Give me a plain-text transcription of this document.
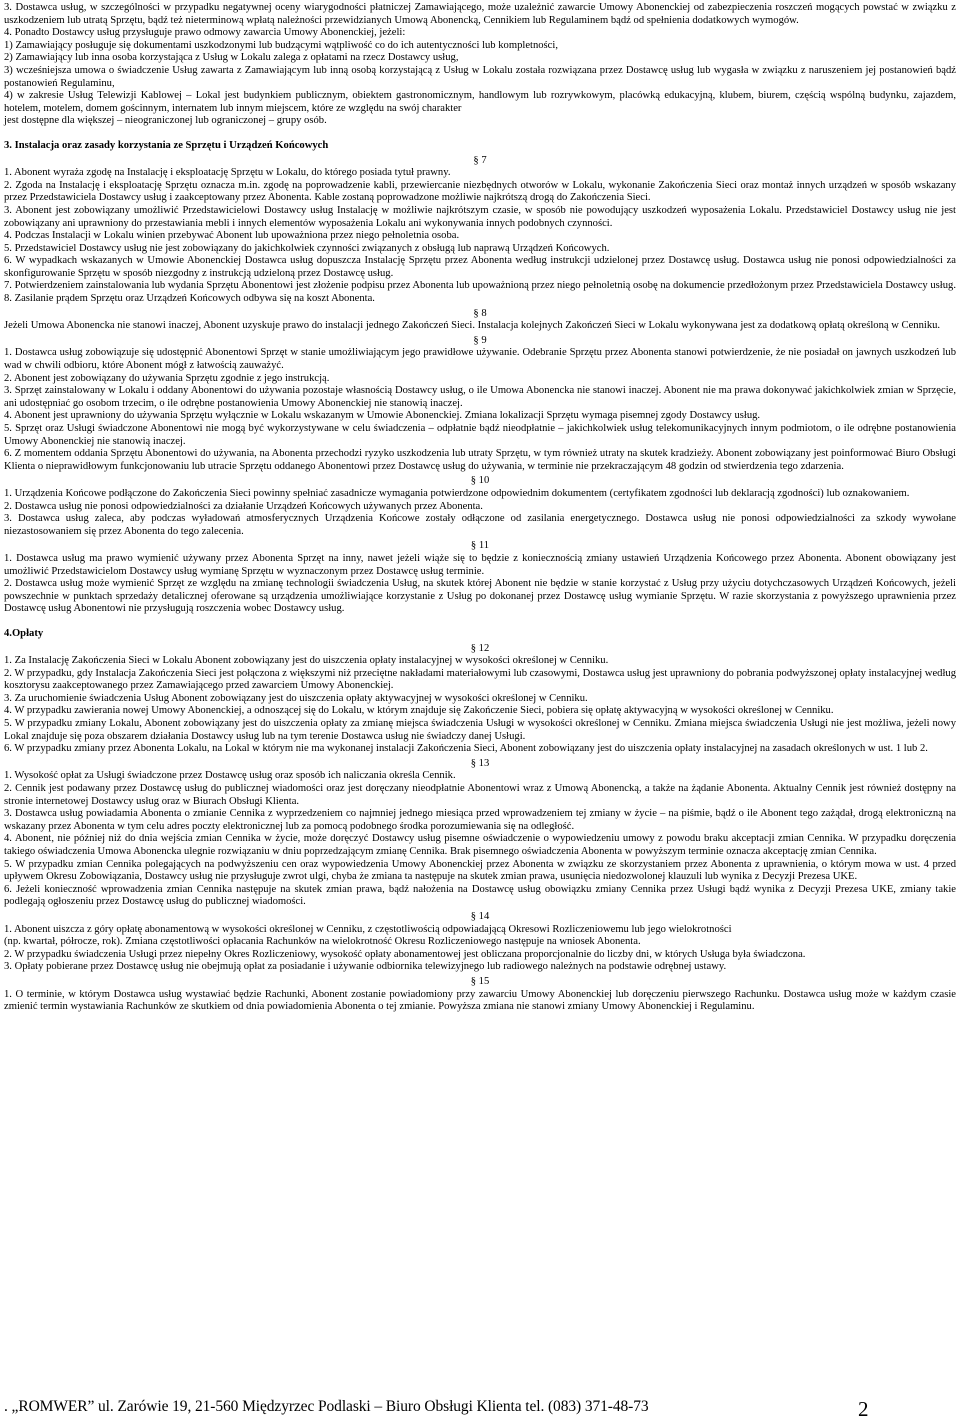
3. Dostawca usług, w szczególności w przypadku negatywnej oceny wiarygodności płatniczej Zamawiającego, może uzależnić zawarcie Umowy Abonenckiej od zabezpieczenia roszczeń mogących powstać w związku z uszkodzeniem lub utratą Sprzętu, bądź też nieterminową wpłatą należności przewidzianych Umową Abonencką, Cennikiem lub Regulaminem bądź od spełnienia dodatkowych wymogów.

4. Ponadto Dostawcy usług przysługuje prawo odmowy zawarcia Umowy Abonenckiej, jeżeli:

1) Zamawiający posługuje się dokumentami uszkodzonymi lub budzącymi wątpliwość co do ich autentyczności lub kompletności,

2) Zamawiający lub inna osoba korzystająca z Usług w Lokalu zalega z opłatami na rzecz Dostawcy usług,

3) wcześniejsza umowa o świadczenie Usług zawarta z Zamawiającym lub inną osobą korzystającą z Usług w Lokalu została rozwiązana przez Dostawcę usług lub wygasła w związku z naruszeniem jej postanowień bądź postanowień Regulaminu,

4) w zakresie Usług Telewizji Kablowej – Lokal jest budynkiem publicznym, obiektem gastronomicznym, handlowym lub rozrywkowym, placówką edukacyjną, klubem, biurem, częścią wspólną budynku, zajazdem, hotelem, motelem, domem gościnnym, internatem lub innym miejscem, które ze względu na swój charakter

jest dostępne dla większej – nieograniczonej lub ograniczonej – grupy osób.

3. Instalacja oraz zasady korzystania ze Sprzętu i Urządzeń Końcowych

§ 7

1. Abonent wyraża zgodę na Instalację i eksploatację Sprzętu w Lokalu, do którego posiada tytuł prawny.

2. Zgoda na Instalację i eksploatację Sprzętu oznacza m.in. zgodę na poprowadzenie kabli, przewiercanie niezbędnych otworów w Lokalu, wykonanie Zakończenia Sieci oraz montaż innych urządzeń w sposób wskazany przez Przedstawiciela Dostawcy usług i zaakceptowany przez Abonenta. Kable zostaną poprowadzone możliwie najkrótszą drogą do Zakończenia Sieci.

3. Abonent jest zobowiązany umożliwić Przedstawicielowi Dostawcy usług Instalację w możliwie najkrótszym czasie, w sposób nie powodujący uszkodzeń wyposażenia Lokalu. Przedstawiciel Dostawcy usług nie jest zobowiązany ani uprawniony do przestawiania mebli i innych elementów wyposażenia Lokalu ani wykonywania innych podobnych czynności.

4. Podczas Instalacji w Lokalu winien przebywać Abonent lub upoważniona przez niego pełnoletnia osoba.

5. Przedstawiciel Dostawcy usług nie jest zobowiązany do jakichkolwiek czynności związanych z obsługą lub naprawą Urządzeń Końcowych.

6. W wypadkach wskazanych w Umowie Abonenckiej Dostawca usług dopuszcza Instalację Sprzętu przez Abonenta według instrukcji udzielonej przez Dostawcę usług. Dostawca usług nie ponosi odpowiedzialności za skonfigurowanie Sprzętu w sposób niezgodny z instrukcją udzieloną przez Dostawcę usług.

7. Potwierdzeniem zainstalowania lub wydania Sprzętu Abonentowi jest złożenie podpisu przez Abonenta lub upoważnioną przez niego pełnoletnią osobę na dokumencie przedłożonym przez Przedstawiciela Dostawcy usług.

8. Zasilanie prądem Sprzętu oraz Urządzeń Końcowych odbywa się na koszt Abonenta.

§ 8

Jeżeli Umowa Abonencka nie stanowi inaczej, Abonent uzyskuje prawo do instalacji jednego Zakończeń Sieci. Instalacja kolejnych Zakończeń Sieci w Lokalu wykonywana jest za dodatkową opłatą określoną w Cenniku.

§ 9

1. Dostawca usług zobowiązuje się udostępnić Abonentowi Sprzęt w stanie umożliwiającym jego prawidłowe używanie. Odebranie Sprzętu przez Abonenta stanowi potwierdzenie, że nie posiadał on jawnych uszkodzeń lub wad w chwili odbioru, które Abonent mógł z łatwością zauważyć.

2. Abonent jest zobowiązany do używania Sprzętu zgodnie z jego instrukcją.

3. Sprzęt zainstalowany w Lokalu i oddany Abonentowi do używania pozostaje własnością Dostawcy usług, o ile Umowa Abonencka nie stanowi inaczej. Abonent nie ma prawa dokonywać jakichkolwiek zmian w Sprzęcie, ani udostępniać go osobom trzecim, o ile odrębne postanowienia Umowy Abonenckiej nie stanowią inaczej.

4. Abonent jest uprawniony do używania Sprzętu wyłącznie w Lokalu wskazanym w Umowie Abonenckiej. Zmiana lokalizacji Sprzętu wymaga pisemnej zgody Dostawcy usług.

5. Sprzęt oraz Usługi świadczone Abonentowi nie mogą być wykorzystywane w celu świadczenia – odpłatnie bądź nieodpłatnie – jakichkolwiek usług telekomunikacyjnych innym podmiotom, o ile odrębne postanowienia Umowy Abonenckiej nie stanowią inaczej.

6. Z momentem oddania Sprzętu Abonentowi do używania, na Abonenta przechodzi ryzyko uszkodzenia lub utraty Sprzętu, w tym również utraty na skutek kradzieży. Abonent zobowiązany jest poinformować Biuro Obsługi Klienta o nieprawidłowym funkcjonowaniu lub utracie Sprzętu oddanego Abonentowi przez Dostawcę usług do używania, w terminie nie przekraczającym 48 godzin od stwierdzenia tego zdarzenia.

§ 10

1. Urządzenia Końcowe podłączone do Zakończenia Sieci powinny spełniać zasadnicze wymagania potwierdzone odpowiednim dokumentem (certyfikatem zgodności lub deklaracją zgodności) lub oznakowaniem.

2. Dostawca usług nie ponosi odpowiedzialności za działanie Urządzeń Końcowych używanych przez Abonenta.

3. Dostawca usług zaleca, aby podczas wyładowań atmosferycznych Urządzenia Końcowe zostały odłączone od zasilania energetycznego. Dostawca usług nie ponosi odpowiedzialności za szkody wywołane niezastosowaniem się przez Abonenta do tego zalecenia.

§ 11

1. Dostawca usług ma prawo wymienić używany przez Abonenta Sprzęt na inny, nawet jeżeli wiąże się to będzie z koniecznością zmiany ustawień Urządzenia Końcowego przez Abonenta. Abonent obowiązany jest umożliwić Przedstawicielom Dostawcy usług wymianę Sprzętu w wyznaczonym przez Dostawcę usług terminie.

2. Dostawca usług może wymienić Sprzęt ze względu na zmianę technologii świadczenia Usług, na skutek której Abonent nie będzie w stanie korzystać z Usług przy użyciu dotychczasowych Urządzeń Końcowych, jeżeli powszechnie w punktach sprzedaży detalicznej oferowane są urządzenia umożliwiające korzystanie z Usług po dokonanej przez Dostawcę usług wymianie Sprzętu. W razie skorzystania z powyższego uprawnienia przez Dostawcę usług Abonentowi nie przysługują roszczenia wobec Dostawcy usług.

4.Opłaty

§ 12

1. Za Instalację Zakończenia Sieci w Lokalu Abonent zobowiązany jest do uiszczenia opłaty instalacyjnej w wysokości określonej w Cenniku.

2. W przypadku, gdy Instalacja Zakończenia Sieci jest połączona z większymi niż przeciętne nakładami materiałowymi lub czasowymi, Dostawca usług jest uprawniony do pobrania podwyższonej opłaty instalacyjnej według kosztorysu zaakceptowanego przez Zamawiającego przed zawarciem Umowy Abonenckiej.

3. Za uruchomienie świadczenia Usług Abonent zobowiązany jest do uiszczenia opłaty aktywacyjnej w wysokości określonej w Cenniku.

4. W przypadku zawierania nowej Umowy Abonenckiej, a odnoszącej się do Lokalu, w którym znajduje się Zakończenie Sieci, pobiera się opłatę aktywacyjną w wysokości określonej w Cenniku.

5. W przypadku zmiany Lokalu, Abonent zobowiązany jest do uiszczenia opłaty za zmianę miejsca świadczenia Usługi w wysokości określonej w Cenniku. Zmiana miejsca świadczenia Usługi nie jest możliwa, jeżeli nowy Lokal znajduje się poza obszarem działania Dostawcy usług lub na tym terenie Dostawca usług nie świadczy danej Usługi.

6. W przypadku zmiany przez Abonenta Lokalu, na Lokal w którym nie ma wykonanej instalacji Zakończenia Sieci, Abonent zobowiązany jest do uiszczenia opłaty instalacyjnej na zasadach określonych w ust. 1 lub 2.

§ 13

1. Wysokość opłat za Usługi świadczone przez Dostawcę usług oraz sposób ich naliczania określa Cennik.

2. Cennik jest podawany przez Dostawcę usług do publicznej wiadomości oraz jest doręczany nieodpłatnie Abonentowi wraz z Umową Abonencką, a także na żądanie Abonenta. Aktualny Cennik jest również dostępny na stronie internetowej Dostawcy usług oraz w Biurach Obsługi Klienta.

3. Dostawca usług powiadamia Abonenta o zmianie Cennika z wyprzedzeniem co najmniej jednego miesiąca przed wprowadzeniem tej zmiany w życie – na piśmie, bądź o ile Abonent tego zażądał, drogą elektroniczną na wskazany przez Abonenta w tym celu adres poczty elektronicznej lub za pomocą podobnego środka porozumiewania się na odległość.

4. Abonent, nie później niż do dnia wejścia zmian Cennika w życie, może doręczyć Dostawcy usług pisemne oświadczenie o wypowiedzeniu umowy z powodu braku akceptacji zmian Cennika. W przypadku doręczenia takiego oświadczenia Umowa Abonencka ulegnie rozwiązaniu w dniu poprzedzającym zmianę Cennika. Brak pisemnego oświadczenia Abonenta w powyższym terminie oznacza akceptację zmian Cennika.

5. W przypadku zmian Cennika polegających na podwyższeniu cen oraz wypowiedzenia Umowy Abonenckiej przez Abonenta w związku ze skorzystaniem przez Abonenta z uprawnienia, o którym mowa w ust. 4 przed upływem Okresu Zobowiązania, Dostawcy usług nie przysługuje zwrot ulgi, chyba że zmiana ta następuje na skutek zmian prawa, usunięcia niedozwolonej klauzuli lub wynika z Decyzji Prezesa UKE.

6. Jeżeli konieczność wprowadzenia zmian Cennika następuje na skutek zmian prawa, bądź nałożenia na Dostawcę usług obowiązku zmiany Cennika przez Usługi bądź wynika z Decyzji Prezesa UKE, zmiany takie podlegają ogłoszeniu przez Dostawcę usług do publicznej wiadomości.

§ 14

1. Abonent uiszcza z góry opłatę abonamentową w wysokości określonej w Cenniku, z częstotliwością odpowiadającą Okresowi Rozliczeniowemu lub jego wielokrotności

(np. kwartał, półrocze, rok). Zmiana częstotliwości opłacania Rachunków na wielokrotność Okresu Rozliczeniowego następuje na wniosek Abonenta.

2. W przypadku świadczenia Usługi przez niepełny Okres Rozliczeniowy, wysokość opłaty abonamentowej jest obliczana proporcjonalnie do liczby dni, w których Usługa była świadczona.

3. Opłaty pobierane przez Dostawcę usług nie obejmują opłat za posiadanie i używanie odbiornika telewizyjnego lub radiowego należnych na podstawie odrębnej ustawy.

§ 15

1. O terminie, w którym Dostawca usług wystawiać będzie Rachunki, Abonent zostanie powiadomiony przy zawarciu Umowy Abonenckiej lub doręczeniu pierwszego Rachunku. Dostawca usług może w każdym czasie zmienić termin wystawiania Rachunków ze skutkiem od dnia powiadomienia Abonenta o tej zmianie. Powyższa zmiana nie stanowi zmiany Umowy Abonenckiej i Regulaminu.

. „ROMWER” ul. Zarówie 19, 21-560 Międzyrzec Podlaski – Biuro Obsługi Klienta tel. (083) 371-48-73	2
